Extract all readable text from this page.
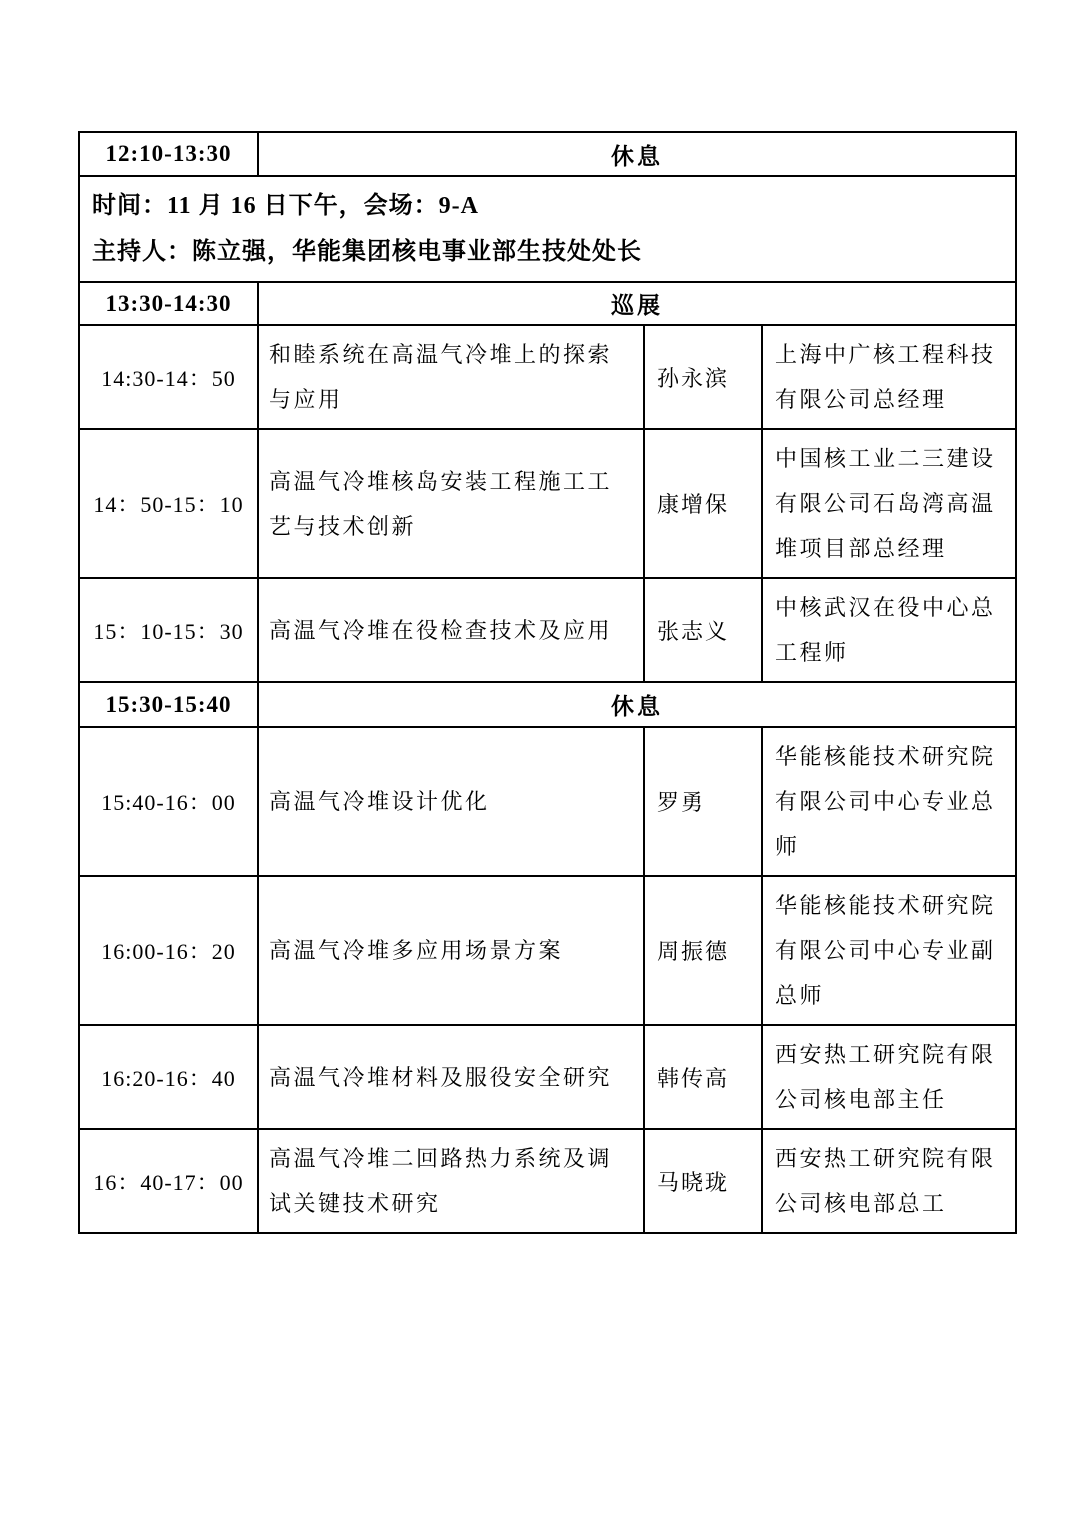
12:10-13:30	休息		

时间：11 月 16 日下午，会场：9-A
主持人：陈立强，华能集团核电事业部生技处处长			

13:30-14:30	巡展		
14:30-14：50	和睦系统在高温气冷堆上的探索与应用	孙永滨	上海中广核工程科技有限公司总经理
14：50-15：10	高温气冷堆核岛安装工程施工工艺与技术创新	康增保	中国核工业二三建设有限公司石岛湾高温堆项目部总经理
15：10-15：30	高温气冷堆在役检查技术及应用	张志义	中核武汉在役中心总工程师
15:30-15:40	休息		
15:40-16：00	高温气冷堆设计优化	罗勇	华能核能技术研究院有限公司中心专业总师
16:00-16：20	高温气冷堆多应用场景方案	周振德	华能核能技术研究院有限公司中心专业副总师
16:20-16：40	高温气冷堆材料及服役安全研究	韩传高	西安热工研究院有限公司核电部主任
16：40-17：00	高温气冷堆二回路热力系统及调试关键技术研究	马晓珑	西安热工研究院有限公司核电部总工
